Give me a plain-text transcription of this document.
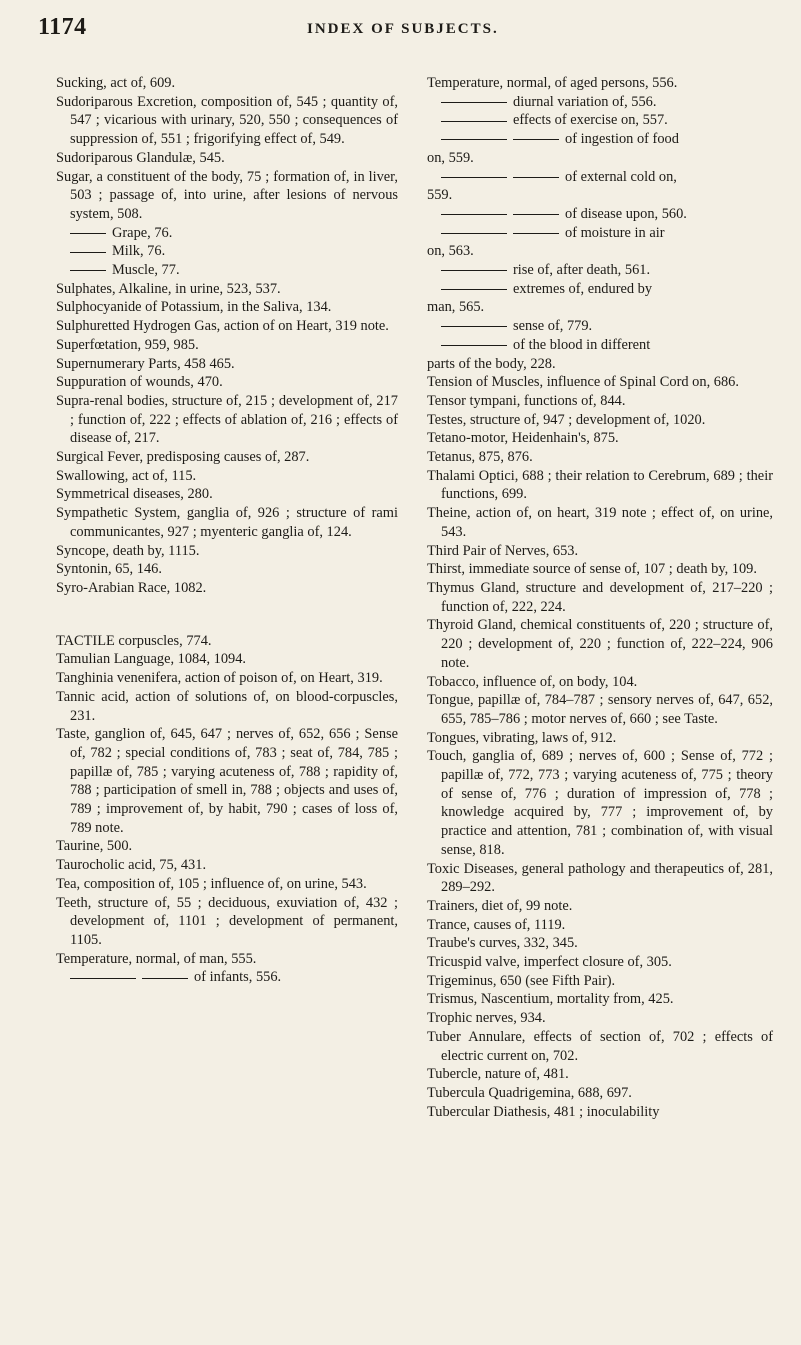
1174	INDEX OF SUBJECTS.
Sucking, act of, 609.
Sudoriparous Excretion, composition of, 545 ; quantity of, 547 ; vicarious with urinary, 520, 550 ; consequences of suppression of, 551 ; frigorifying effect of, 549.
Sudoriparous Glandulæ, 545.
Sugar, a constituent of the body, 75 ; formation of, in liver, 503 ; passage of, into urine, after lesions of nervous system, 508.
Grape, 76.
Milk, 76.
Muscle, 77.
Sulphates, Alkaline, in urine, 523, 537.
Sulphocyanide of Potassium, in the Saliva, 134.
Sulphuretted Hydrogen Gas, action of on Heart, 319 note.
Superfœtation, 959, 985.
Supernumerary Parts, 458 465.
Suppuration of wounds, 470.
Supra-renal bodies, structure of, 215 ; development of, 217 ; function of, 222 ; effects of ablation of, 216 ; effects of disease of, 217.
Surgical Fever, predisposing causes of, 287.
Swallowing, act of, 115.
Symmetrical diseases, 280.
Sympathetic System, ganglia of, 926 ; structure of rami communicantes, 927 ; myenteric ganglia of, 124.
Syncope, death by, 1115.
Syntonin, 65, 146.
Syro-Arabian Race, 1082.
TACTILE corpuscles, 774.
Tamulian Language, 1084, 1094.
Tanghinia venenifera, action of poison of, on Heart, 319.
Tannic acid, action of solutions of, on blood-corpuscles, 231.
Taste, ganglion of, 645, 647 ; nerves of, 652, 656 ; Sense of, 782 ; special conditions of, 783 ; seat of, 784, 785 ; papillæ of, 785 ; varying acuteness of, 788 ; rapidity of, 788 ; participation of smell in, 788 ; objects and uses of, 789 ; improvement of, by habit, 790 ; cases of loss of, 789 note.
Taurine, 500.
Taurocholic acid, 75, 431.
Tea, composition of, 105 ; influence of, on urine, 543.
Teeth, structure of, 55 ; deciduous, exuviation of, 432 ; development of, 1101 ; development of permanent, 1105.
Temperature, normal, of man, 555.
of infants, 556.
Temperature, normal, of aged persons, 556.
diurnal variation of, 556.
effects of exercise on, 557.
of ingestion of food
on, 559.
of external cold on,
559.
of disease upon, 560.
of moisture in air
on, 563.
rise of, after death, 561.
extremes of, endured by
man, 565.
sense of, 779.
of the blood in different
parts of the body, 228.
Tension of Muscles, influence of Spinal Cord on, 686.
Tensor tympani, functions of, 844.
Testes, structure of, 947 ; development of, 1020.
Tetano-motor, Heidenhain's, 875.
Tetanus, 875, 876.
Thalami Optici, 688 ; their relation to Cerebrum, 689 ; their functions, 699.
Theine, action of, on heart, 319 note ; effect of, on urine, 543.
Third Pair of Nerves, 653.
Thirst, immediate source of sense of, 107 ; death by, 109.
Thymus Gland, structure and development of, 217–220 ; function of, 222, 224.
Thyroid Gland, chemical constituents of, 220 ; structure of, 220 ; development of, 220 ; function of, 222–224, 906 note.
Tobacco, influence of, on body, 104.
Tongue, papillæ of, 784–787 ; sensory nerves of, 647, 652, 655, 785–786 ; motor nerves of, 660 ; see Taste.
Tongues, vibrating, laws of, 912.
Touch, ganglia of, 689 ; nerves of, 600 ; Sense of, 772 ; papillæ of, 772, 773 ; varying acuteness of, 775 ; theory of sense of, 776 ; duration of impression of, 778 ; knowledge acquired by, 777 ; improvement of, by practice and attention, 781 ; combination of, with visual sense, 818.
Toxic Diseases, general pathology and therapeutics of, 281, 289–292.
Trainers, diet of, 99 note.
Trance, causes of, 1119.
Traube's curves, 332, 345.
Tricuspid valve, imperfect closure of, 305.
Trigeminus, 650 (see Fifth Pair).
Trismus, Nascentium, mortality from, 425.
Trophic nerves, 934.
Tuber Annulare, effects of section of, 702 ; effects of electric current on, 702.
Tubercle, nature of, 481.
Tubercula Quadrigemina, 688, 697.
Tubercular Diathesis, 481 ; inoculability
